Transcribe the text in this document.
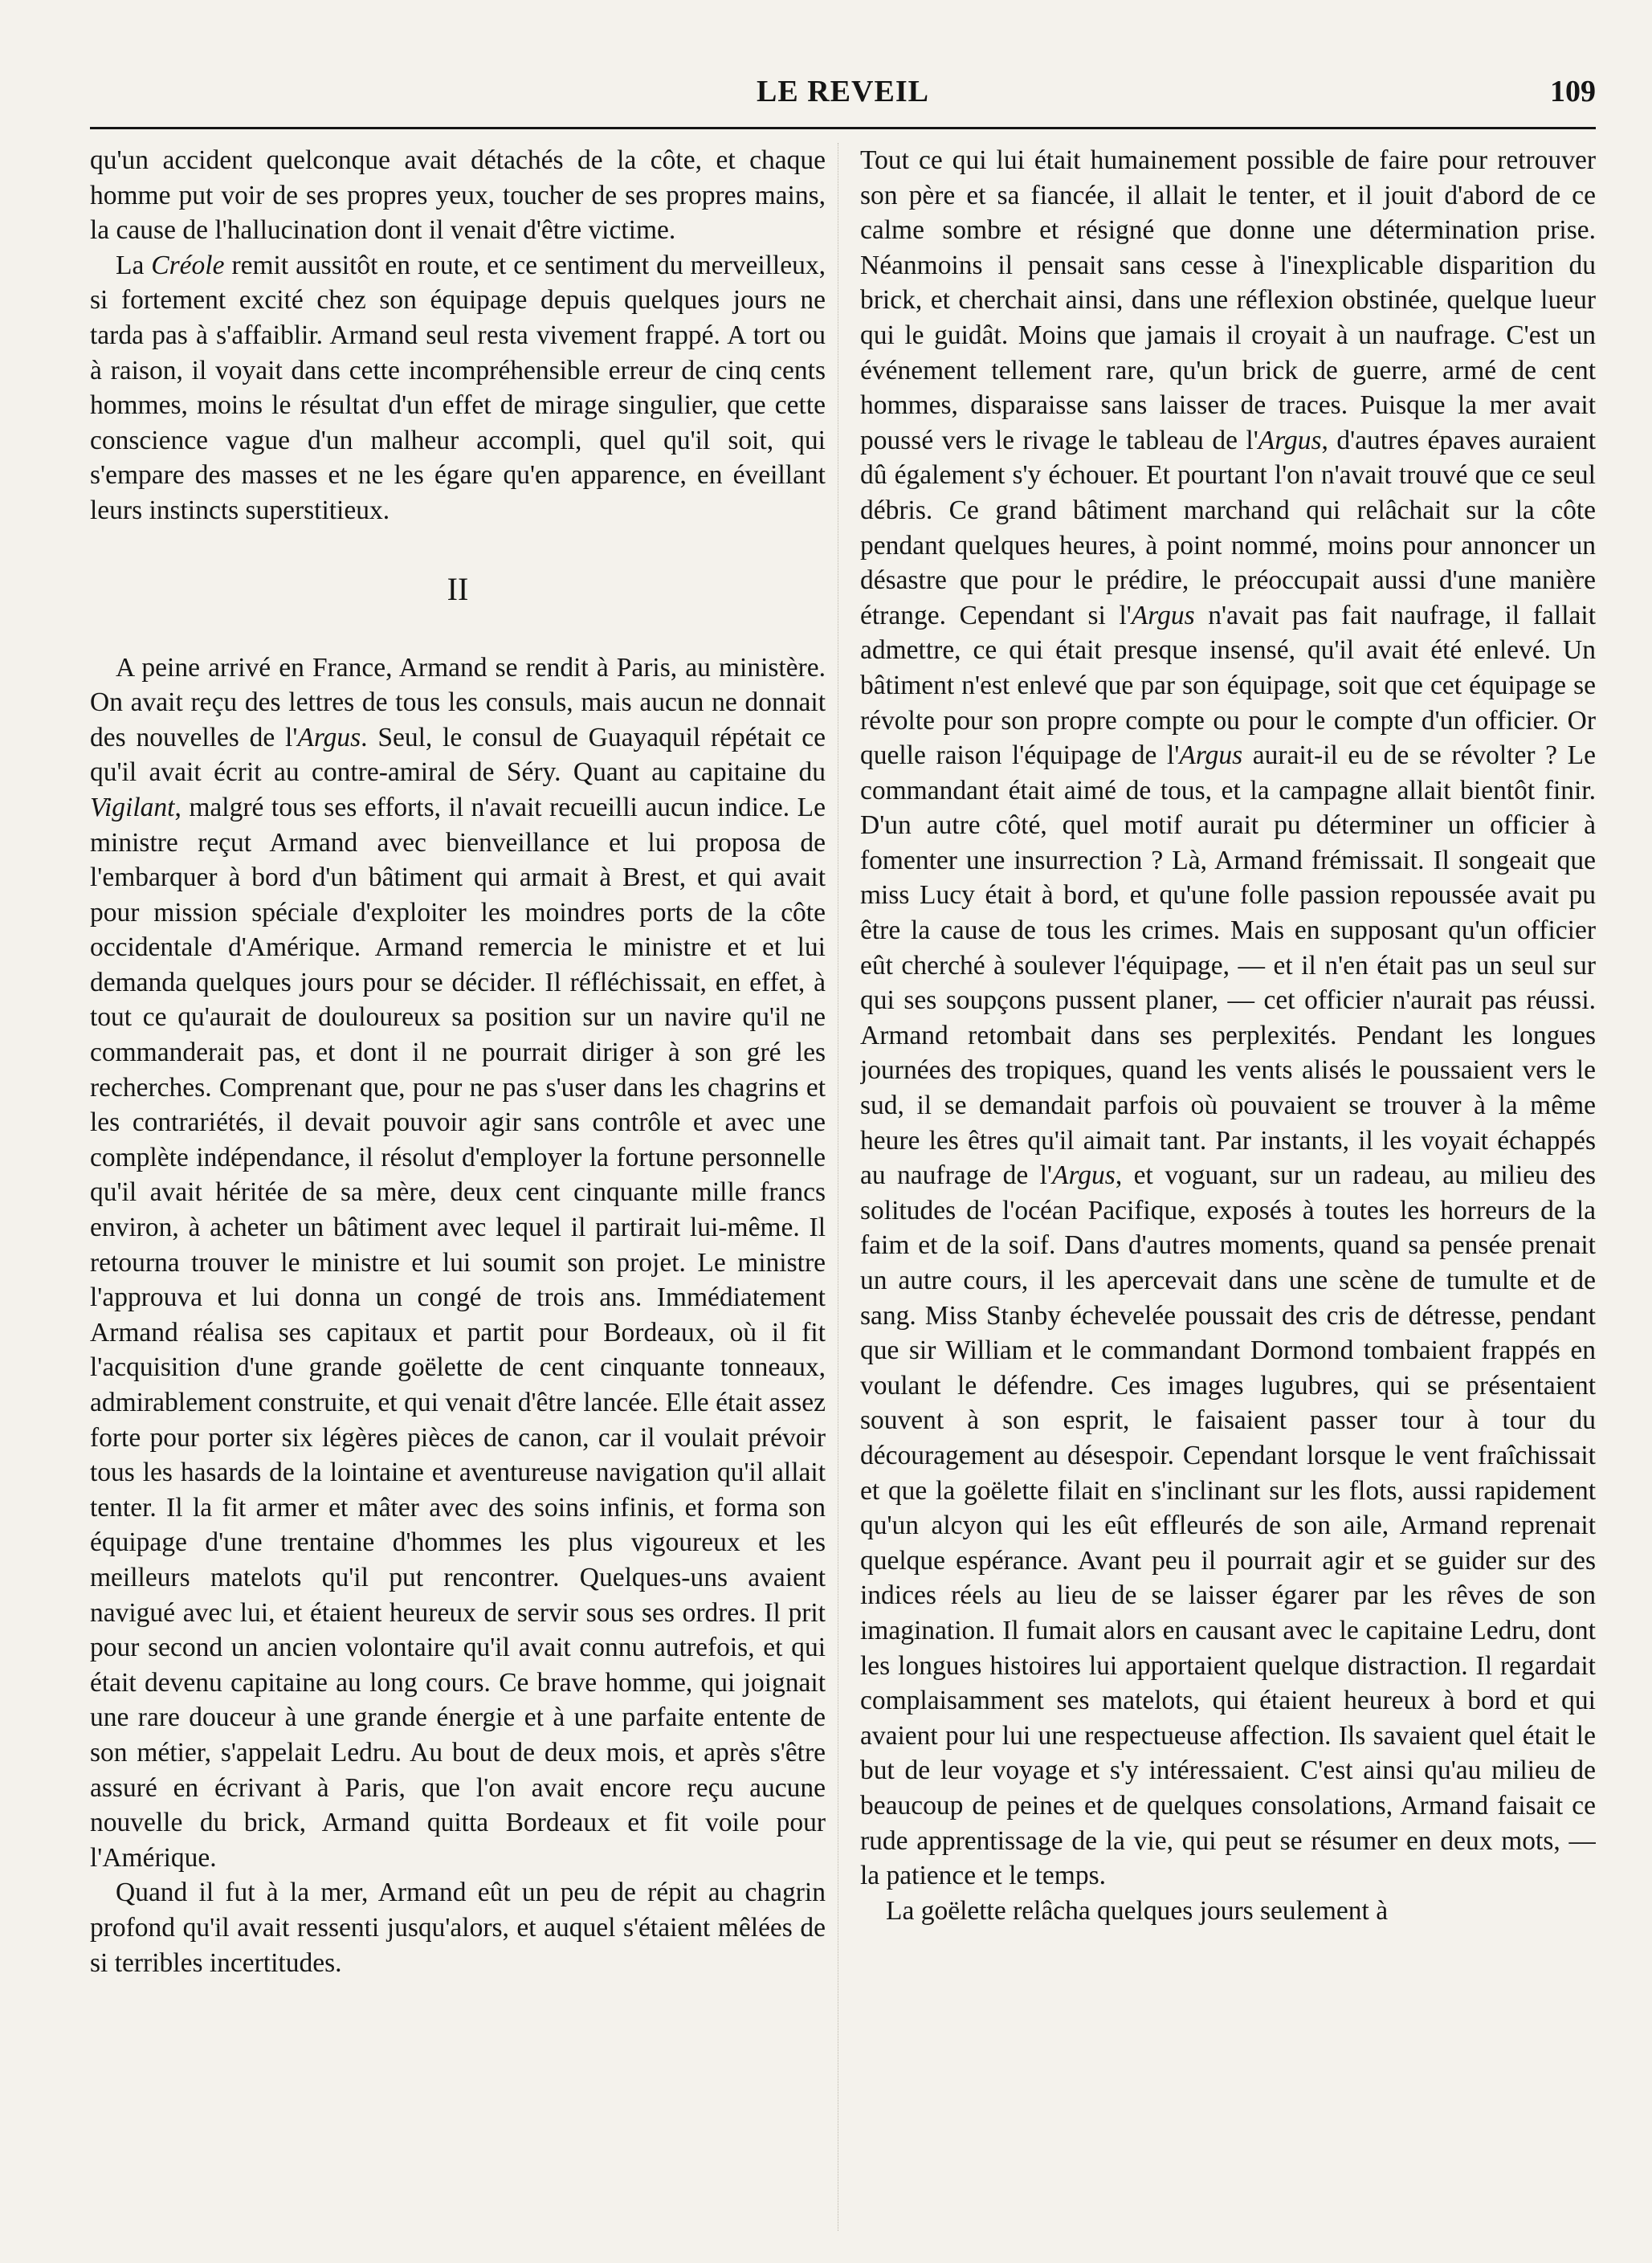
LE REVEIL	109

qu'un accident quelconque avait détachés de la côte, et chaque homme put voir de ses propres yeux, toucher de ses propres mains, la cause de l'hallucination dont il venait d'être victime.

La Créole remit aussitôt en route, et ce sentiment du merveilleux, si fortement excité chez son équipage depuis quelques jours ne tarda pas à s'affaiblir. Armand seul resta vivement frappé. A tort ou à raison, il voyait dans cette incompréhensible erreur de cinq cents hommes, moins le résultat d'un effet de mirage singulier, que cette conscience vague d'un malheur accompli, quel qu'il soit, qui s'empare des masses et ne les égare qu'en apparence, en éveillant leurs instincts superstitieux.

II

A peine arrivé en France, Armand se rendit à Paris, au ministère. On avait reçu des lettres de tous les consuls, mais aucun ne donnait des nouvelles de l'Argus. Seul, le consul de Guayaquil répétait ce qu'il avait écrit au contre-amiral de Séry. Quant au capitaine du Vigilant, malgré tous ses efforts, il n'avait recueilli aucun indice. Le ministre reçut Armand avec bienveillance et lui proposa de l'embarquer à bord d'un bâtiment qui armait à Brest, et qui avait pour mission spéciale d'exploiter les moindres ports de la côte occidentale d'Amérique. Armand remercia le ministre et et lui demanda quelques jours pour se décider. Il réfléchissait, en effet, à tout ce qu'aurait de douloureux sa position sur un navire qu'il ne commanderait pas, et dont il ne pourrait diriger à son gré les recherches. Comprenant que, pour ne pas s'user dans les chagrins et les contrariétés, il devait pouvoir agir sans contrôle et avec une complète indépendance, il résolut d'employer la fortune personnelle qu'il avait héritée de sa mère, deux cent cinquante mille francs environ, à acheter un bâtiment avec lequel il partirait lui-même. Il retourna trouver le ministre et lui soumit son projet. Le ministre l'approuva et lui donna un congé de trois ans. Immédiatement Armand réalisa ses capitaux et partit pour Bordeaux, où il fit l'acquisition d'une grande goëlette de cent cinquante tonneaux, admirablement construite, et qui venait d'être lancée. Elle était assez forte pour porter six légères pièces de canon, car il voulait prévoir tous les hasards de la lointaine et aventureuse navigation qu'il allait tenter. Il la fit armer et mâter avec des soins infinis, et forma son équipage d'une trentaine d'hommes les plus vigoureux et les meilleurs matelots qu'il put rencontrer. Quelques-uns avaient navigué avec lui, et étaient heureux de servir sous ses ordres. Il prit pour second un ancien volontaire qu'il avait connu autrefois, et qui était devenu capitaine au long cours. Ce brave homme, qui joignait une rare douceur à une grande énergie et à une parfaite entente de son métier, s'appelait Ledru. Au bout de deux mois, et après s'être assuré en écrivant à Paris, que l'on avait encore reçu aucune nouvelle du brick, Armand quitta Bordeaux et fit voile pour l'Amérique.

Quand il fut à la mer, Armand eût un peu de répit au chagrin profond qu'il avait ressenti jusqu'alors, et auquel s'étaient mêlées de si terribles incertitudes.

Tout ce qui lui était humainement possible de faire pour retrouver son père et sa fiancée, il allait le tenter, et il jouit d'abord de ce calme sombre et résigné que donne une détermination prise. Néanmoins il pensait sans cesse à l'inexplicable disparition du brick, et cherchait ainsi, dans une réflexion obstinée, quelque lueur qui le guidât. Moins que jamais il croyait à un naufrage. C'est un événement tellement rare, qu'un brick de guerre, armé de cent hommes, disparaisse sans laisser de traces. Puisque la mer avait poussé vers le rivage le tableau de l'Argus, d'autres épaves auraient dû également s'y échouer. Et pourtant l'on n'avait trouvé que ce seul débris. Ce grand bâtiment marchand qui relâchait sur la côte pendant quelques heures, à point nommé, moins pour annoncer un désastre que pour le prédire, le préoccupait aussi d'une manière étrange. Cependant si l'Argus n'avait pas fait naufrage, il fallait admettre, ce qui était presque insensé, qu'il avait été enlevé. Un bâtiment n'est enlevé que par son équipage, soit que cet équipage se révolte pour son propre compte ou pour le compte d'un officier. Or quelle raison l'équipage de l'Argus aurait-il eu de se révolter ? Le commandant était aimé de tous, et la campagne allait bientôt finir. D'un autre côté, quel motif aurait pu déterminer un officier à fomenter une insurrection ? Là, Armand frémissait. Il songeait que miss Lucy était à bord, et qu'une folle passion repoussée avait pu être la cause de tous les crimes. Mais en supposant qu'un officier eût cherché à soulever l'équipage, — et il n'en était pas un seul sur qui ses soupçons pussent planer, — cet officier n'aurait pas réussi. Armand retombait dans ses perplexités. Pendant les longues journées des tropiques, quand les vents alisés le poussaient vers le sud, il se demandait parfois où pouvaient se trouver à la même heure les êtres qu'il aimait tant. Par instants, il les voyait échappés au naufrage de l'Argus, et voguant, sur un radeau, au milieu des solitudes de l'océan Pacifique, exposés à toutes les horreurs de la faim et de la soif. Dans d'autres moments, quand sa pensée prenait un autre cours, il les apercevait dans une scène de tumulte et de sang. Miss Stanby échevelée poussait des cris de détresse, pendant que sir William et le commandant Dormond tombaient frappés en voulant le défendre. Ces images lugubres, qui se présentaient souvent à son esprit, le faisaient passer tour à tour du découragement au désespoir. Cependant lorsque le vent fraîchissait et que la goëlette filait en s'inclinant sur les flots, aussi rapidement qu'un alcyon qui les eût effleurés de son aile, Armand reprenait quelque espérance. Avant peu il pourrait agir et se guider sur des indices réels au lieu de se laisser égarer par les rêves de son imagination. Il fumait alors en causant avec le capitaine Ledru, dont les longues histoires lui apportaient quelque distraction. Il regardait complaisamment ses matelots, qui étaient heureux à bord et qui avaient pour lui une respectueuse affection. Ils savaient quel était le but de leur voyage et s'y intéressaient. C'est ainsi qu'au milieu de beaucoup de peines et de quelques consolations, Armand faisait ce rude apprentissage de la vie, qui peut se résumer en deux mots, — la patience et le temps.

La goëlette relâcha quelques jours seulement à
